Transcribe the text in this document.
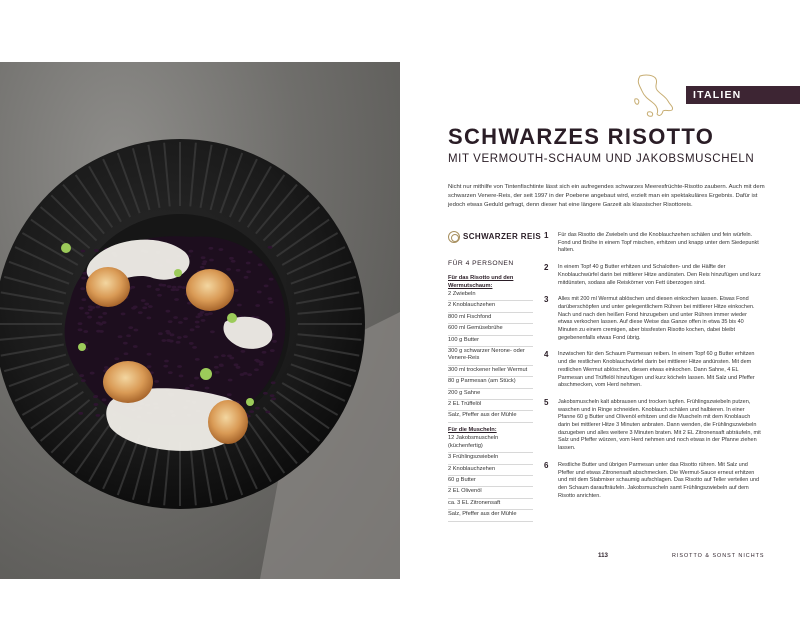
ITALIEN
SCHWARZES RISOTTO
MIT VERMOUTH-SCHAUM UND JAKOBSMUSCHELN

Nicht nur mithilfe von Tintenfischtinte lässt sich ein aufregendes schwarzes Meeresfrüchte-Risotto zaubern. Auch mit dem schwarzen Venere-Reis, der seit 1997 in der Poebene angebaut wird, erzielt man ein spektakuläres Ergebnis. Dafür ist jedoch etwas Geduld gefragt, denn dieser hat eine längere Garzeit als klassischer Risottoreis.

SCHWARZER REIS
FÜR 4 PERSONEN
Für das Risotto und den Wermutschaum:
2 Zwiebeln
2 Knoblauchzehen
800 ml Fischfond
600 ml Gemüsebrühe
100 g Butter
300 g schwarzer Nerone- oder Venere-Reis
300 ml trockener heller Wermut
80 g Parmesan (am Stück)
200 g Sahne
2 EL Trüffelöl
Salz, Pfeffer aus der Mühle
Für die Muscheln:
12 Jakobsmuscheln (küchenfertig)
3 Frühlingszwiebeln
2 Knoblauchzehen
60 g Butter
2 EL Olivenöl
ca. 3 EL Zitronensaft
Salz, Pfeffer aus der Mühle
1 Für das Risotto die Zwiebeln und die Knoblauchzehen schälen und fein würfeln. Fond und Brühe in einem Topf mischen, erhitzen und knapp unter dem Siedepunkt halten.

2 In einem Topf 40 g Butter erhitzen und Schalotten- und die Hälfte der Knoblauchwürfel darin bei mittlerer Hitze andünsten. Den Reis hinzufügen und kurz mitdünsten, sodass alle Reiskörner von Fett überzogen sind.

3 Alles mit 200 ml Wermut ablöschen und diesen einkochen lassen. Etwas Fond darüberschöpfen und unter gelegentlichem Rühren bei mittlerer Hitze einkochen. Nach und nach den heißen Fond hinzugeben und unter Rühren immer wieder etwas verkochen lassen. Auf diese Weise das Ganze offen in etwa 35 bis 40 Minuten zu einem cremigen, aber bissfesten Risotto kochen, dabei bleibt gegebenenfalls etwas Fond übrig.

4 Inzwischen für den Schaum Parmesan reiben. In einem Topf 60 g Butter erhitzen und die restlichen Knoblauchwürfel darin bei mittlerer Hitze andünsten. Mit dem restlichen Wermut ablöschen, diesen etwas einkochen. Dann Sahne, 4 EL Parmesan und Trüffelöl hinzufügen und kurz köcheln lassen. Mit Salz und Pfeffer abschmecken, vom Herd nehmen.

5 Jakobsmuscheln kalt abbrausen und trocken tupfen. Frühlingszwiebeln putzen, waschen und in Ringe schneiden. Knoblauch schälen und halbieren. In einer Pfanne 60 g Butter und Olivenöl erhitzen und die Muscheln mit dem Knoblauch darin bei mittlerer Hitze 3 Minuten anbraten. Dann wenden, die Frühlingszwiebeln dazugeben und alles weitere 3 Minuten braten. Mit 2 EL Zitronensaft abträufeln, mit Salz und Pfeffer würzen, vom Herd nehmen und noch etwas in der Pfanne ziehen lassen.

6 Restliche Butter und übrigen Parmesan unter das Risotto rühren. Mit Salz und Pfeffer und etwas Zitronensaft abschmecken. Die Wermut-Sauce erneut erhitzen und mit dem Stabmixer schaumig aufschlagen. Das Risotto auf Teller verteilen und den Schaum daraufträufeln. Jakobsmuscheln samt Frühlingszwiebeln auf dem Risotto anrichten.

113	RISOTTO & SONST NICHTS
